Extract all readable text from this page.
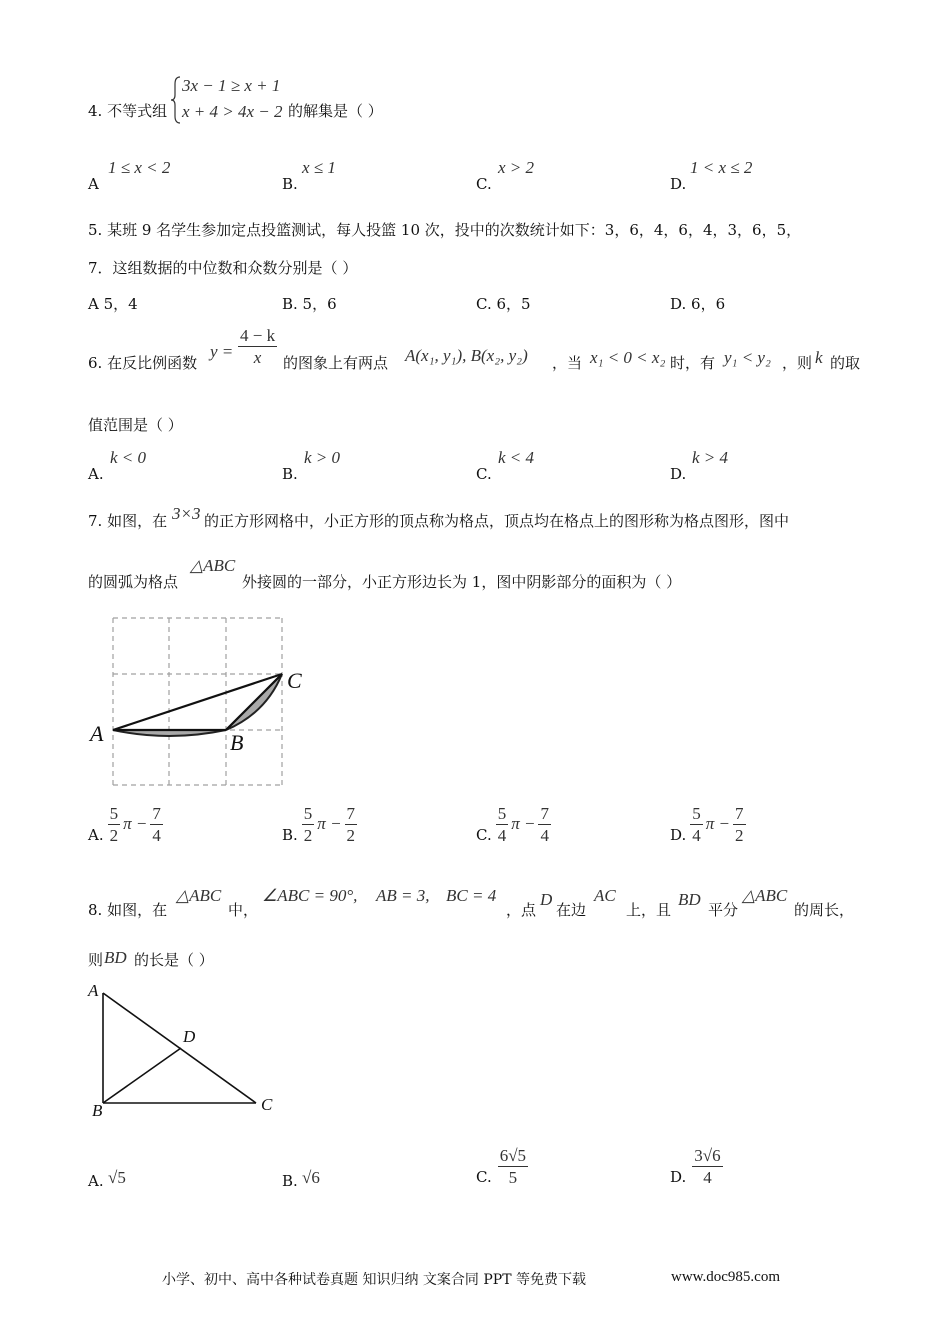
3x − 1 ≥ x + 1
x + 4 > 4x − 2
4. 不等式组	的解集是（ ）
A
1 ≤ x < 2
B.
x ≤ 1
C.
x > 2
D.
1 < x ≤ 2
5. 某班 9 名学生参加定点投篮测试，每人投篮 10 次，投中的次数统计如下：3，6，4，6，4，3，6，5，
7．这组数据的中位数和众数分别是（ ）
A 5，4	B. 5，6	C. 6，5	D. 6，6
6. 在反比例函数
$y = \frac{4 - k}{x}$ 的图象上有两点 A(x₁, y₁), B(x₂, y₂) ，当 x₁ < 0 < x₂ 时，有 y₁ < y₂ ，则 k 的取
值范围是（ ）
A.
k < 0
B.
k > 0
C.
k < 4
D.
k > 4
7. 如图，在 3×3 的正方形网格中，小正方形的顶点称为格点，顶点均在格点上的图形称为格点图形，图中
的圆弧为格点
△ABC
外接圆的一部分，小正方形边长为 1，图中阴影部分的面积为（ ）
A	B
C
A. $\frac{5}{2}$ $\pi - \frac{7}{4}$	B. $\frac{5}{2}$ $\pi - \frac{7}{2}$	C. $\frac{5}{4}$ $\pi - \frac{7}{4}$	D. $\frac{5}{4}$ $\pi - \frac{7}{2}$
8. 如图，在
△ABC
中，
∠ABC = 90°, AB = 3, BC = 4
，点
D
在边
AC
上，且
BD
平分
△ABC
的周长，
则 BD 的长是（ ）
A
B	C
D
A. √5	B. √6	C. $\frac{6√5}{5}$	D. $\frac{3√6}{4}$
小学、初中、高中各种试卷真题 知识归纳 文案合同 PPT 等免费下载	www.doc985.com
